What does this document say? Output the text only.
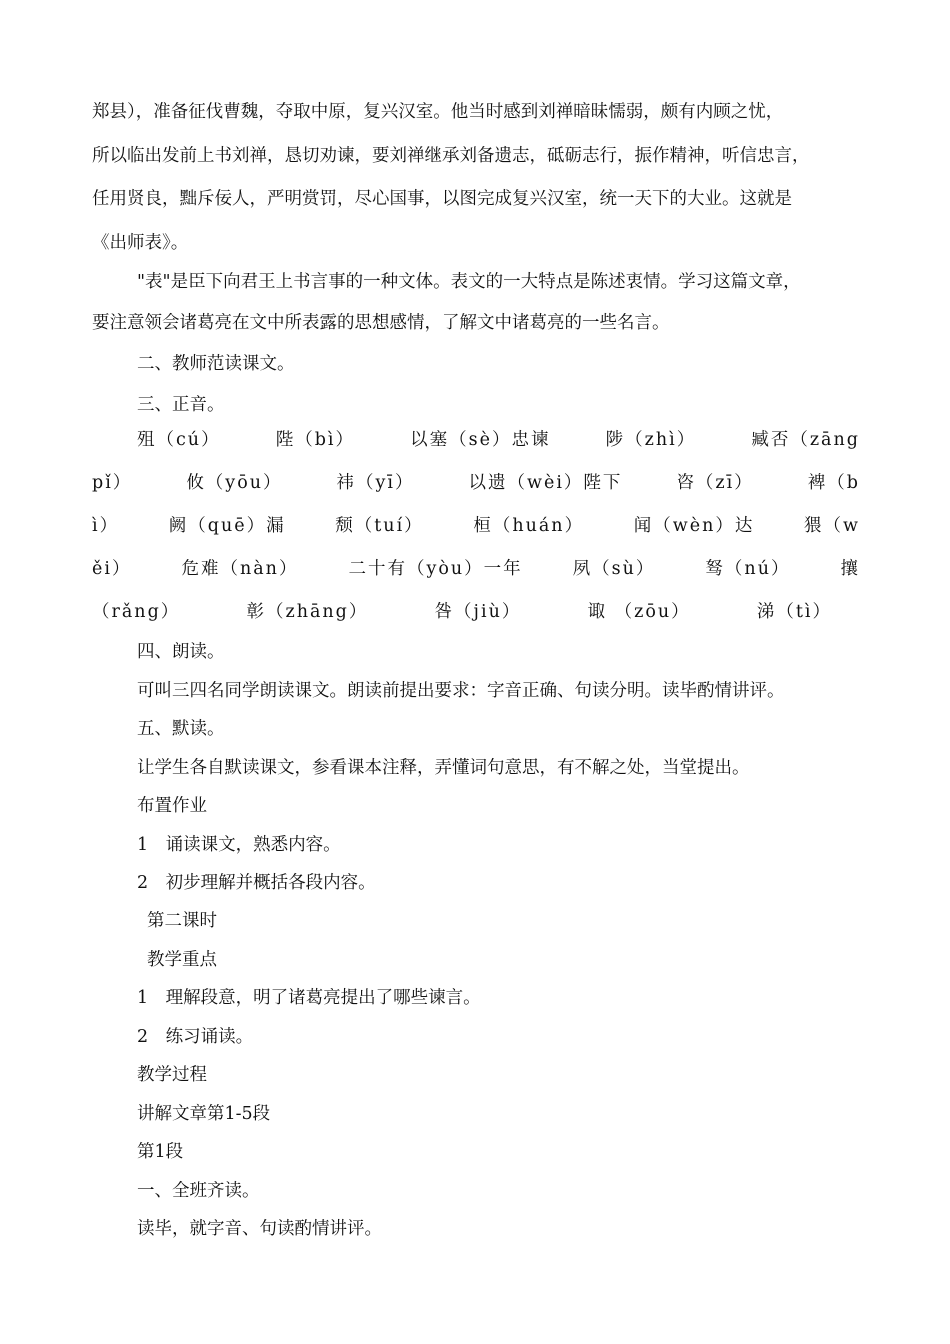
郑县），准备征伐曹魏，夺取中原，复兴汉室。他当时感到刘禅暗昧懦弱，颇有内顾之忧，

所以临出发前上书刘禅，恳切劝谏，要刘禅继承刘备遗志，砥砺志行，振作精神，听信忠言，

任用贤良，黜斥佞人，严明赏罚，尽心国事，以图完成复兴汉室，统一天下的大业。这就是

《出师表》。

"表"是臣下向君王上书言事的一种文体。表文的一大特点是陈述衷情。学习这篇文章，

要注意领会诸葛亮在文中所表露的思想感情，了解文中诸葛亮的一些名言。

二、教师范读课文。

三、正音。

殂（cú）	陛（bì）	以塞（sè）忠谏	陟（zhì）	臧否（zāng
pǐ）	攸（yōu）	祎（yī）	以遗（wèi）陛下	咨（zī）	裨（b
ì）	阙（quē）漏	颓（tuí）	桓（huán）	闻（wèn）达	猥（w
ěi）	危难（nàn）	二十有（yòu）一年	夙（sù）	驽（nú）	攘
（rǎng）	彰（zhāng）	咎（jiù）	诹 （zōu）	涕（tì）

四、朗读。

可叫三四名同学朗读课文。朗读前提出要求：字音正确、句读分明。读毕酌情讲评。

五、默读。

让学生各自默读课文，参看课本注释，弄懂词句意思，有不解之处，当堂提出。

布置作业

1　诵读课文，熟悉内容。

2　初步理解并概括各段内容。

第二课时

教学重点

1　理解段意，明了诸葛亮提出了哪些谏言。

2　练习诵读。

教学过程

讲解文章第1-5段

第1段

一、全班齐读。

读毕，就字音、句读酌情讲评。
